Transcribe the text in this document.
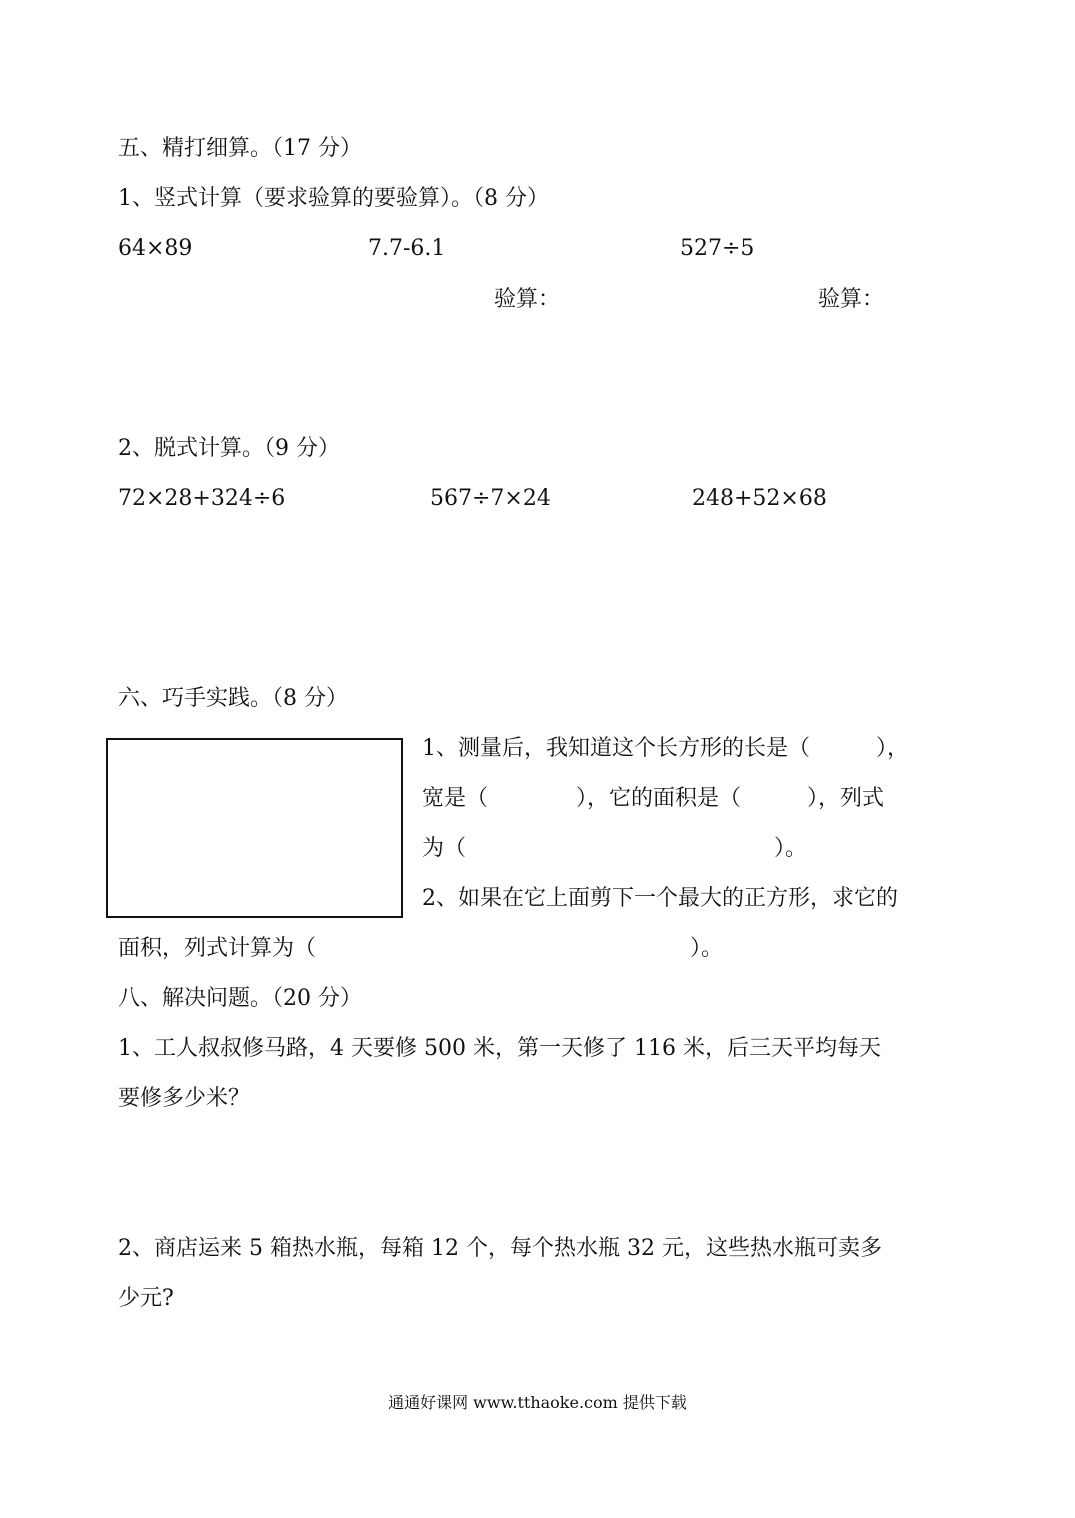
五、精打细算。（17 分）
1、竖式计算（要求验算的要验算）。（8 分）
64×89	7.7-6.1	527÷5
验算：	验算：
2、脱式计算。（9 分）
72×28+324÷6	567÷7×24	248+52×68
六、巧手实践。（8 分）
1、测量后，我知道这个长方形的长是（　　　），
宽是（　　　　），它的面积是（　　　），列式
为（　　　　　　　　　　　　　　）。
2、如果在它上面剪下一个最大的正方形，求它的
面积，列式计算为（　　　　　　　　　　　　　　　　　）。
八、解决问题。（20 分）
1、工人叔叔修马路，4 天要修 500 米，第一天修了 116 米，后三天平均每天
要修多少米？
2、商店运来 5 箱热水瓶，每箱 12 个，每个热水瓶 32 元，这些热水瓶可卖多
少元?
通通好课网 www.tthaoke.com 提供下载
